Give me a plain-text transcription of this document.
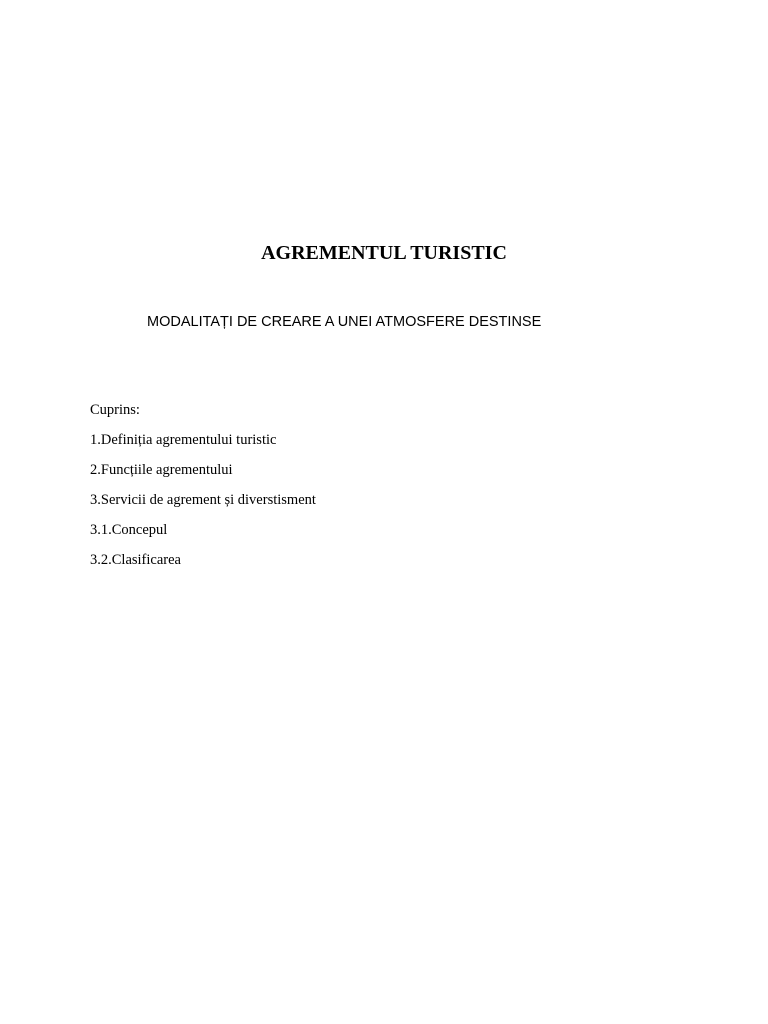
AGREMENTUL TURISTIC

MODALITAȚI DE CREARE A UNEI ATMOSFERE DESTINSE

Cuprins:
1.Definiția agrementului turistic
2.Funcțiile agrementului
3.Servicii de agrement și diverstisment
3.1.Concepul
3.2.Clasificarea
